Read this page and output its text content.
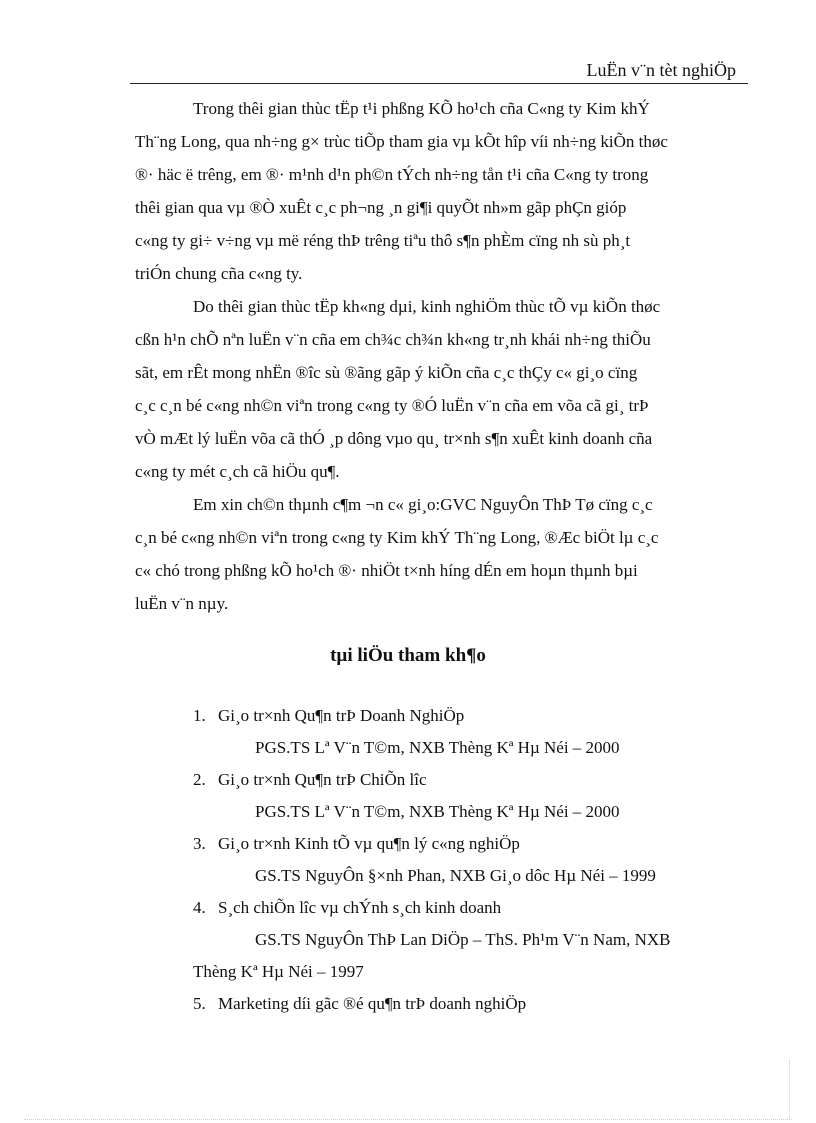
LuËn v¨n tèt nghiÖp
Trong thêi gian thùc tËp t¹i phßng KÕ ho¹ch cña C«ng ty Kim khÝ
Th¨ng Long, qua nh÷ng g× trùc tiÕp tham gia vµ kÕt hîp víi nh÷ng kiÕn thøc
®· häc ë trêng, em ®· m¹nh d¹n ph©n tÝch nh÷ng tån t¹i cña C«ng ty trong
thêi gian qua vµ ®Ò xuÊt c¸c ph¬ng ¸n gi¶i quyÕt nh»m gãp phÇn gióp
c«ng ty gi÷ v÷ng vµ më réng thÞ trêng tiªu thô s¶n phÈm cïng nh sù ph¸t
triÓn chung cña c«ng ty.
Do thêi gian thùc tËp kh«ng dµi, kinh nghiÖm thùc tÕ vµ kiÕn thøc
cßn h¹n chÕ nªn luËn v¨n cña em ch¾c ch¾n kh«ng tr¸nh khái nh÷ng thiÕu
sãt, em rÊt mong nhËn ®îc sù ®ãng gãp ý kiÕn cña c¸c thÇy c« gi¸o cïng
c¸c c¸n bé c«ng nh©n viªn trong c«ng ty ®Ó luËn v¨n cña em võa cã gi¸ trÞ
vÒ mÆt lý luËn võa cã thÓ ¸p dông vµo qu¸ tr×nh s¶n xuÊt kinh doanh cña
c«ng ty mét c¸ch cã hiÖu qu¶.
Em xin ch©n thµnh c¶m ¬n c« gi¸o:GVC NguyÔn ThÞ Tø cïng c¸c
c¸n bé c«ng nh©n viªn trong c«ng ty Kim khÝ Th¨ng Long, ®Æc biÖt lµ c¸c
c« chó trong phßng kÕ ho¹ch ®· nhiÖt t×nh híng dÉn em hoµn thµnh bµi
luËn v¨n nµy.
tµi liÖu tham kh¶o
1. Gi¸o tr×nh Qu¶n trÞ Doanh NghiÖp
PGS.TS Lª V¨n T©m, NXB Thèng Kª Hµ Néi – 2000
2. Gi¸o tr×nh Qu¶n trÞ ChiÕn lîc
PGS.TS Lª V¨n T©m, NXB Thèng Kª Hµ Néi – 2000
3. Gi¸o tr×nh Kinh tÕ vµ qu¶n lý c«ng nghiÖp
GS.TS NguyÔn §×nh Phan, NXB Gi¸o dôc Hµ Néi – 1999
4. S¸ch chiÕn lîc vµ chÝnh s¸ch kinh doanh
GS.TS NguyÔn ThÞ Lan DiÖp – ThS. Ph¹m V¨n Nam, NXB
Thèng Kª Hµ Néi – 1997
5. Marketing díi gãc ®é qu¶n trÞ doanh nghiÖp
